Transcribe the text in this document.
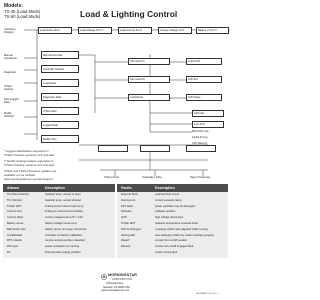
Models:
TS-45 (Load Mode)
TS-60 (Load Mode)	Load & Lighting Control
Operating
Displays
Manual
Operations
Diagnostic
TriStar
Settings
New Logged
Data
Modify
Settings*
Load State 100 A	Load Voltage 13.6 V	Load Current 8.4 A	Charge Voltage 13.8	Battery V 13.2 V
Manual Override
Controller Settings
Load Reset
Diagnostic Data
TriStar Sets
Logged Data
Modify Sets
Set Load On
Set Load Off
Load Reset
Load HVD
LVD Set
LVD Reset
HVD Set
Low SOC
Brief LVD note
Faults (if any)
LVD Warning
Today's Data	Yesterday's Data	Days of Data Ago
* Logged data/feature supported in
TriStar firmware versions v1.5 and later.
** Modify Settings feature supported in
TriStar firmware versions v1.5 and later.
TriStar and TS45-2 firmware updates are
available on our website:
www.morningstarcorp.com/en/support
Alarms	Description
Ths Disconnected	heatsink temp. sensor is open
Ths Shorted	heatsink temp. sensor shorted
TriStar HOT	limiting current due to high temp.
Current limit	limiting on overcurrent condition
Current offset	current measurement off > 1.5A
Battery sense	battery voltage sense error
Batt Sense disc	battery sense no longer connected
Uncalibrated	controller not factory calibrated
RTS miswire	remote sensing problem detected
P/D open	power conductor not running
P3	internal power supply problem
Faults	Description
External Short	external short circuit
Overcurrent	current exceeds rating
FET Short	power switches may be damaged
Software	software problem
HVD	high voltage disconnect
TriStar HOT	heatsink temperature exceeds limits
DIP sw changed	a settings switch was adjusted while running
Setting Edit	new setting(s) written by custom settings program
Reset?	a reset from on/off needed
Remote	remote turn on/off engaged fault
system wiring fault
MORNINGSTAR
CORPORATION
8 Pheasant Run
Newtown, PA 18940 USA
www.morningstarcorp.com
MS-ZMAN-TS01 Rev. 5
